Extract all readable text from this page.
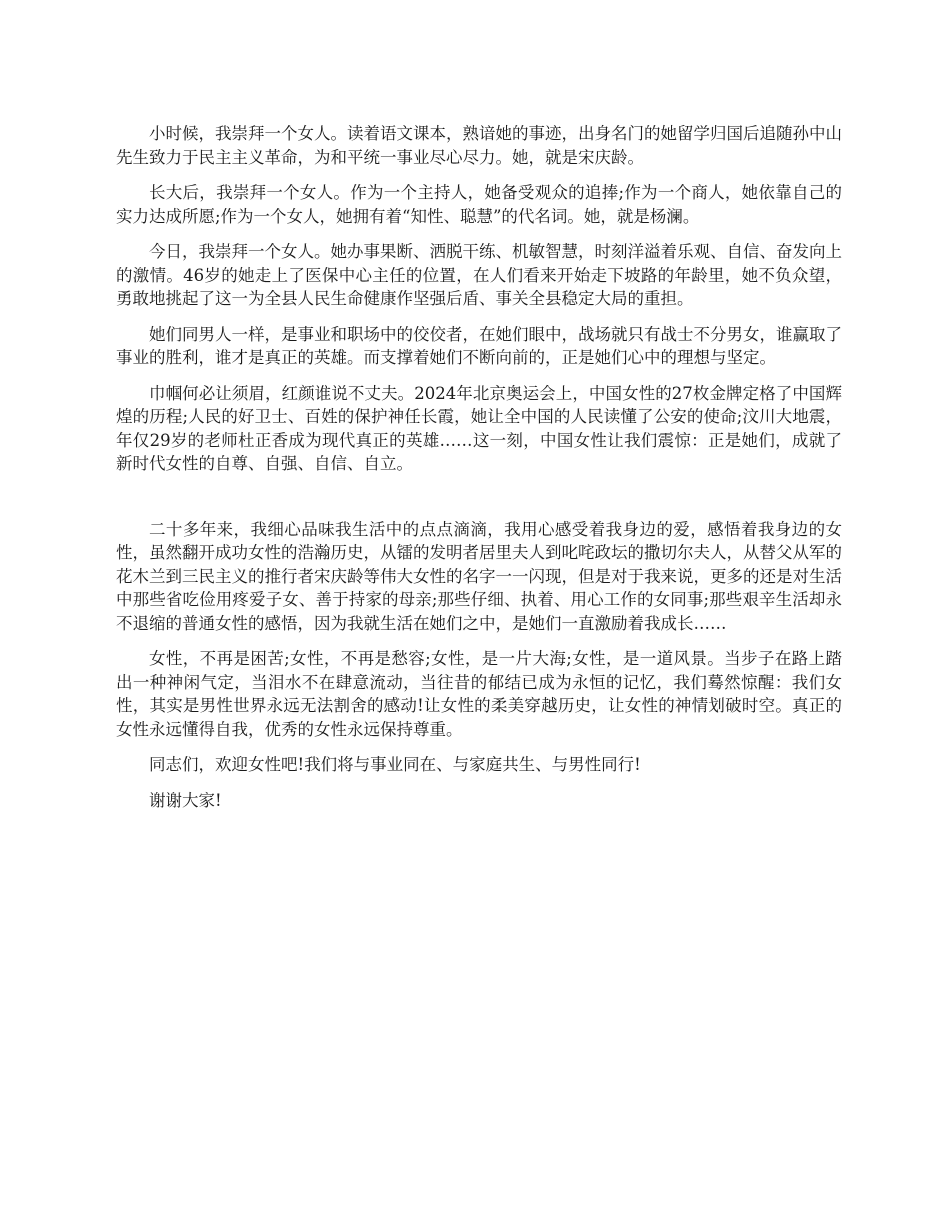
小时候，我崇拜一个女人。读着语文课本，熟谙她的事迹，出身名门的她留学归国后追随孙中山先生致力于民主主义革命，为和平统一事业尽心尽力。她，就是宋庆龄。

长大后，我崇拜一个女人。作为一个主持人，她备受观众的追捧;作为一个商人，她依靠自己的实力达成所愿;作为一个女人，她拥有着“知性、聪慧”的代名词。她，就是杨澜。

今日，我崇拜一个女人。她办事果断、洒脱干练、机敏智慧，时刻洋溢着乐观、自信、奋发向上的激情。46岁的她走上了医保中心主任的位置，在人们看来开始走下坡路的年龄里，她不负众望，勇敢地挑起了这一为全县人民生命健康作坚强后盾、事关全县稳定大局的重担。

她们同男人一样，是事业和职场中的佼佼者，在她们眼中，战场就只有战士不分男女，谁赢取了事业的胜利，谁才是真正的英雄。而支撑着她们不断向前的，正是她们心中的理想与坚定。

巾帼何必让须眉，红颜谁说不丈夫。2024年北京奥运会上，中国女性的27枚金牌定格了中国辉煌的历程;人民的好卫士、百姓的保护神任长霞，她让全中国的人民读懂了公安的使命;汶川大地震，年仅29岁的老师杜正香成为现代真正的英雄……这一刻，中国女性让我们震惊：正是她们，成就了新时代女性的自尊、自强、自信、自立。

二十多年来，我细心品味我生活中的点点滴滴，我用心感受着我身边的爱，感悟着我身边的女性，虽然翻开成功女性的浩瀚历史，从镭的发明者居里夫人到叱咤政坛的撒切尔夫人，从替父从军的花木兰到三民主义的推行者宋庆龄等伟大女性的名字一一闪现，但是对于我来说，更多的还是对生活中那些省吃俭用疼爱子女、善于持家的母亲;那些仔细、执着、用心工作的女同事;那些艰辛生活却永不退缩的普通女性的感悟，因为我就生活在她们之中，是她们一直激励着我成长……

女性，不再是困苦;女性，不再是愁容;女性，是一片大海;女性，是一道风景。当步子在路上踏出一种神闲气定，当泪水不在肆意流动，当往昔的郁结已成为永恒的记忆，我们蓦然惊醒：我们女性，其实是男性世界永远无法割舍的感动!让女性的柔美穿越历史，让女性的神情划破时空。真正的女性永远懂得自我，优秀的女性永远保持尊重。

同志们，欢迎女性吧!我们将与事业同在、与家庭共生、与男性同行!

谢谢大家!
